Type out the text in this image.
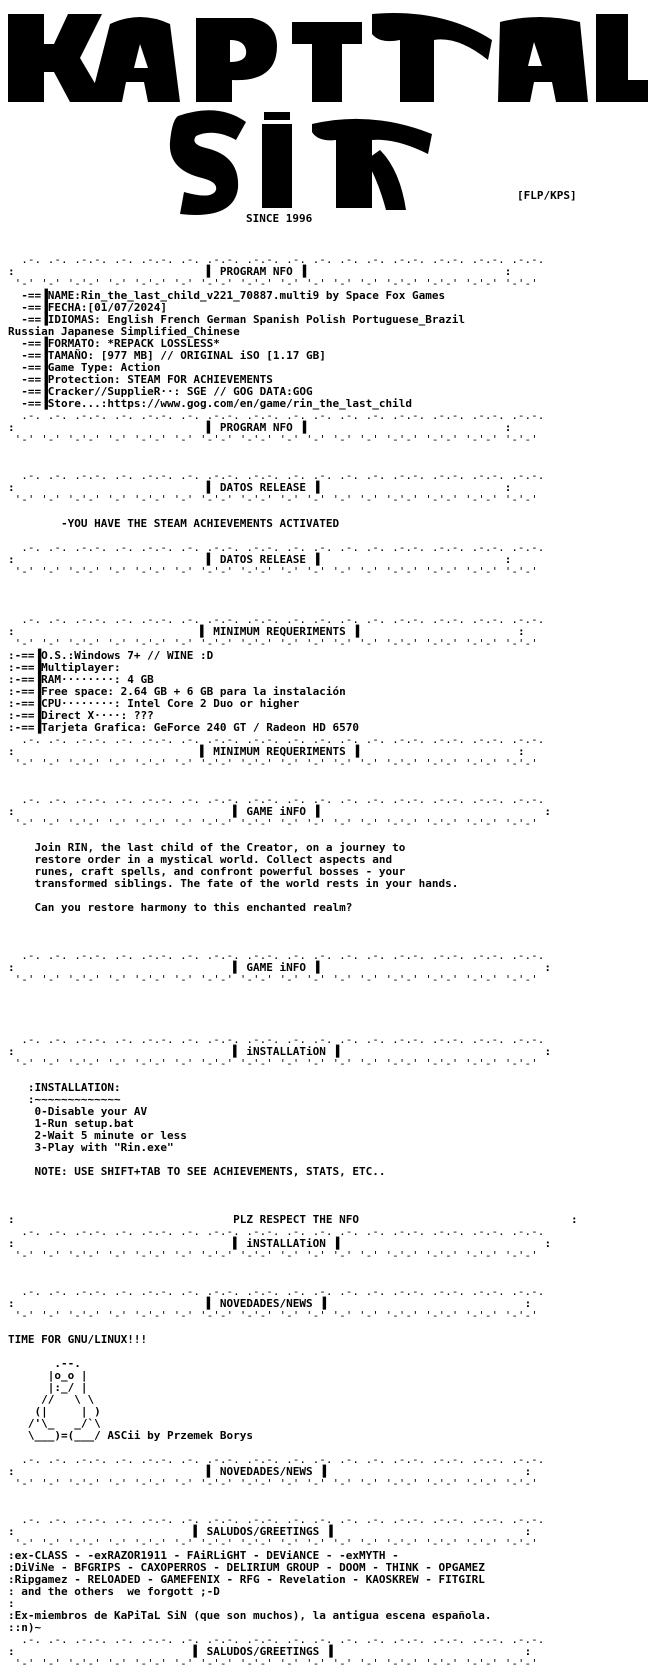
[FLP/KPS]
SINCE 1996
.-. .-. .-.-. .-. .-.-. .-. .-.-. .-.-. .-. .-. .-. .-. .-.-. .-.-. .-.-. .-.-.
:	▌ PROGRAM NFO ▐	:
'-' '-' '-'-' '-' '-'-' '-' '-'-' '-'-' '-' '-' '-' '-' '-'-' '-'-' '-'-' '-'-'
-==▐NAME:Rin_the_last_child_v221_70887.multi9 by Space Fox Games
-==▐FECHA:[01/07/2024]
-==▐IDIOMAS: English French German Spanish Polish Portuguese_Brazil
Russian Japanese Simplified_Chinese
-==▐FORMATO: *REPACK LOSSLESS*
-==▐TAMAÑO: [977 MB] // ORIGINAL iSO [1.17 GB]
-==▐Game Type: Action
-==▐Protection: STEAM FOR ACHIEVEMENTS
-==▐Cracker//SupplieR··: SGE // GOG DATA:GOG
-==▐Store...:https://www.gog.com/en/game/rin_the_last_child
.-. .-. .-.-. .-. .-.-. .-. .-.-. .-.-. .-. .-. .-. .-. .-.-. .-.-. .-.-. .-.-.
:	▌ PROGRAM NFO ▐	:
'-' '-' '-'-' '-' '-'-' '-' '-'-' '-'-' '-' '-' '-' '-' '-'-' '-'-' '-'-' '-'-'

.-. .-. .-.-. .-. .-.-. .-. .-.-. .-.-. .-. .-. .-. .-. .-.-. .-.-. .-.-. .-.-.
:	▌ DATOS RELEASE ▐	:
'-' '-' '-'-' '-' '-'-' '-' '-'-' '-'-' '-' '-' '-' '-' '-'-' '-'-' '-'-' '-'-'

-YOU HAVE THE STEAM ACHIEVEMENTS ACTIVATED

.-. .-. .-.-. .-. .-.-. .-. .-.-. .-.-. .-. .-. .-. .-. .-.-. .-.-. .-.-. .-.-.
:	▌ DATOS RELEASE ▐	:
'-' '-' '-'-' '-' '-'-' '-' '-'-' '-'-' '-' '-' '-' '-' '-'-' '-'-' '-'-' '-'-'

.-. .-. .-.-. .-. .-.-. .-. .-.-. .-.-. .-. .-. .-. .-. .-.-. .-.-. .-.-. .-.-.
:	▌ MINIMUM REQUERIMENTS ▐	:
'-' '-' '-'-' '-' '-'-' '-' '-'-' '-'-' '-' '-' '-' '-' '-'-' '-'-' '-'-' '-'-'
:-==▐O.S.:Windows 7+ // WINE :D
:-==▐Multiplayer:
:-==▐RAM········: 4 GB
:-==▐Free space: 2.64 GB + 6 GB para la instalación
:-==▐CPU········: Intel Core 2 Duo or higher
:-==▐Direct X····: ???
:-==▐Tarjeta Grafica: GeForce 240 GT / Radeon HD 6570
.-. .-. .-.-. .-. .-.-. .-. .-.-. .-.-. .-. .-. .-. .-. .-.-. .-.-. .-.-. .-.-.
:	▌ MINIMUM REQUERIMENTS ▐	:
'-' '-' '-'-' '-' '-'-' '-' '-'-' '-'-' '-' '-' '-' '-' '-'-' '-'-' '-'-' '-'-'

.-. .-. .-.-. .-. .-.-. .-. .-.-. .-.-. .-. .-. .-. .-. .-.-. .-.-. .-.-. .-.-.
:	▌ GAME iNFO ▐	:
'-' '-' '-'-' '-' '-'-' '-' '-'-' '-'-' '-' '-' '-' '-' '-'-' '-'-' '-'-' '-'-'

Join RIN, the last child of the Creator, on a journey to
restore order in a mystical world. Collect aspects and
runes, craft spells, and confront powerful bosses - your
transformed siblings. The fate of the world rests in your hands.

Can you restore harmony to this enchanted realm?

.-. .-. .-.-. .-. .-.-. .-. .-.-. .-.-. .-. .-. .-. .-. .-.-. .-.-. .-.-. .-.-.
:	▌ GAME iNFO ▐	:
'-' '-' '-'-' '-' '-'-' '-' '-'-' '-'-' '-' '-' '-' '-' '-'-' '-'-' '-'-' '-'-'

.-. .-. .-.-. .-. .-.-. .-. .-.-. .-.-. .-. .-. .-. .-. .-.-. .-.-. .-.-. .-.-.
:	▌ iNSTALLATiON ▐	:
'-' '-' '-'-' '-' '-'-' '-' '-'-' '-'-' '-' '-' '-' '-' '-'-' '-'-' '-'-' '-'-'

:INSTALLATION:
:~~~~~~~~~~~~~
0-Disable your AV
1-Run setup.bat
2-Wait 5 minute or less
3-Play with "Rin.exe"

NOTE: USE SHIFT+TAB TO SEE ACHIEVEMENTS, STATS, ETC..

:	PLZ RESPECT THE NFO	:
.-. .-. .-.-. .-. .-.-. .-. .-.-. .-.-. .-. .-. .-. .-. .-.-. .-.-. .-.-. .-.-.
:	▌ iNSTALLATiON ▐	:
'-' '-' '-'-' '-' '-'-' '-' '-'-' '-'-' '-' '-' '-' '-' '-'-' '-'-' '-'-' '-'-'

.-. .-. .-.-. .-. .-.-. .-. .-.-. .-.-. .-. .-. .-. .-. .-.-. .-.-. .-.-. .-.-.
:	▌ NOVEDADES/NEWS ▐	:
'-' '-' '-'-' '-' '-'-' '-' '-'-' '-'-' '-' '-' '-' '-' '-'-' '-'-' '-'-' '-'-'

TIME FOR GNU/LINUX!!!

.--.
|o_o |
|:_/ |
//   \ \
(|     | )
/'\_   _/`\
\___)=(___/ ASCii by Przemek Borys

.-. .-. .-.-. .-. .-.-. .-. .-.-. .-.-. .-. .-. .-. .-. .-.-. .-.-. .-.-. .-.-.
:	▌ NOVEDADES/NEWS ▐	:
'-' '-' '-'-' '-' '-'-' '-' '-'-' '-'-' '-' '-' '-' '-' '-'-' '-'-' '-'-' '-'-'

.-. .-. .-.-. .-. .-.-. .-. .-.-. .-.-. .-. .-. .-. .-. .-.-. .-.-. .-.-. .-.-.
:	▌ SALUDOS/GREETINGS ▐	:
'-' '-' '-'-' '-' '-'-' '-' '-'-' '-'-' '-' '-' '-' '-' '-'-' '-'-' '-'-' '-'-'
:ex-CLASS - -exRAZOR1911 - FAiRLiGHT - DEViANCE - -exMYTH -
:DiViNe - BFGRIPS - CAXOPERROS - DELIRIUM GROUP - DOOM - THINK - OPGAMEZ
:Ripgamez - RELOADED - GAMEFENIX - RFG - Revelation - KAOSKREW - FITGIRL
: and the others  we forgott ;-D
:
:Ex-miembros de KaPiTaL SiN (que son muchos), la antigua escena española.
::n)~
.-. .-. .-.-. .-. .-.-. .-. .-.-. .-.-. .-. .-. .-. .-. .-.-. .-.-. .-.-. .-.-.
:	▌ SALUDOS/GREETINGS ▐	:
'-' '-' '-'-' '-' '-'-' '-' '-'-' '-'-' '-' '-' '-' '-' '-'-' '-'-' '-'-' '-'-'
